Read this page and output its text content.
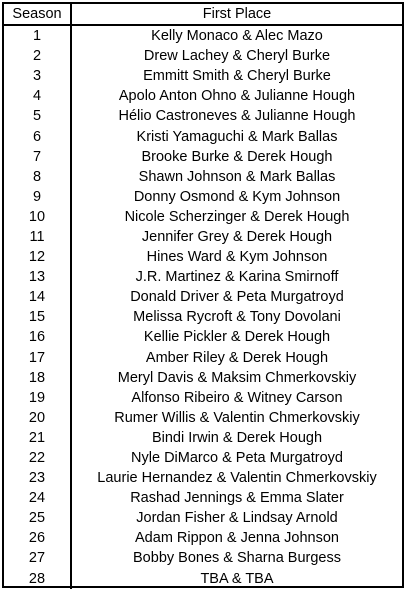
Season	First Place
1	Kelly Monaco & Alec Mazo
2	Drew Lachey & Cheryl Burke
3	Emmitt Smith & Cheryl Burke
4	Apolo Anton Ohno & Julianne Hough
5	Hélio Castroneves & Julianne Hough
6	Kristi Yamaguchi & Mark Ballas
7	Brooke Burke & Derek Hough
8	Shawn Johnson & Mark Ballas
9	Donny Osmond & Kym Johnson
10	Nicole Scherzinger & Derek Hough
11	Jennifer Grey & Derek Hough
12	Hines Ward & Kym Johnson
13	J.R. Martinez & Karina Smirnoff
14	Donald Driver & Peta Murgatroyd
15	Melissa Rycroft & Tony Dovolani
16	Kellie Pickler & Derek Hough
17	Amber Riley & Derek Hough
18	Meryl Davis & Maksim Chmerkovskiy
19	Alfonso Ribeiro & Witney Carson
20	Rumer Willis & Valentin Chmerkovskiy
21	Bindi Irwin & Derek Hough
22	Nyle DiMarco & Peta Murgatroyd
23	Laurie Hernandez & Valentin Chmerkovskiy
24	Rashad Jennings & Emma Slater
25	Jordan Fisher & Lindsay Arnold
26	Adam Rippon & Jenna Johnson
27	Bobby Bones & Sharna Burgess
28	TBA & TBA
